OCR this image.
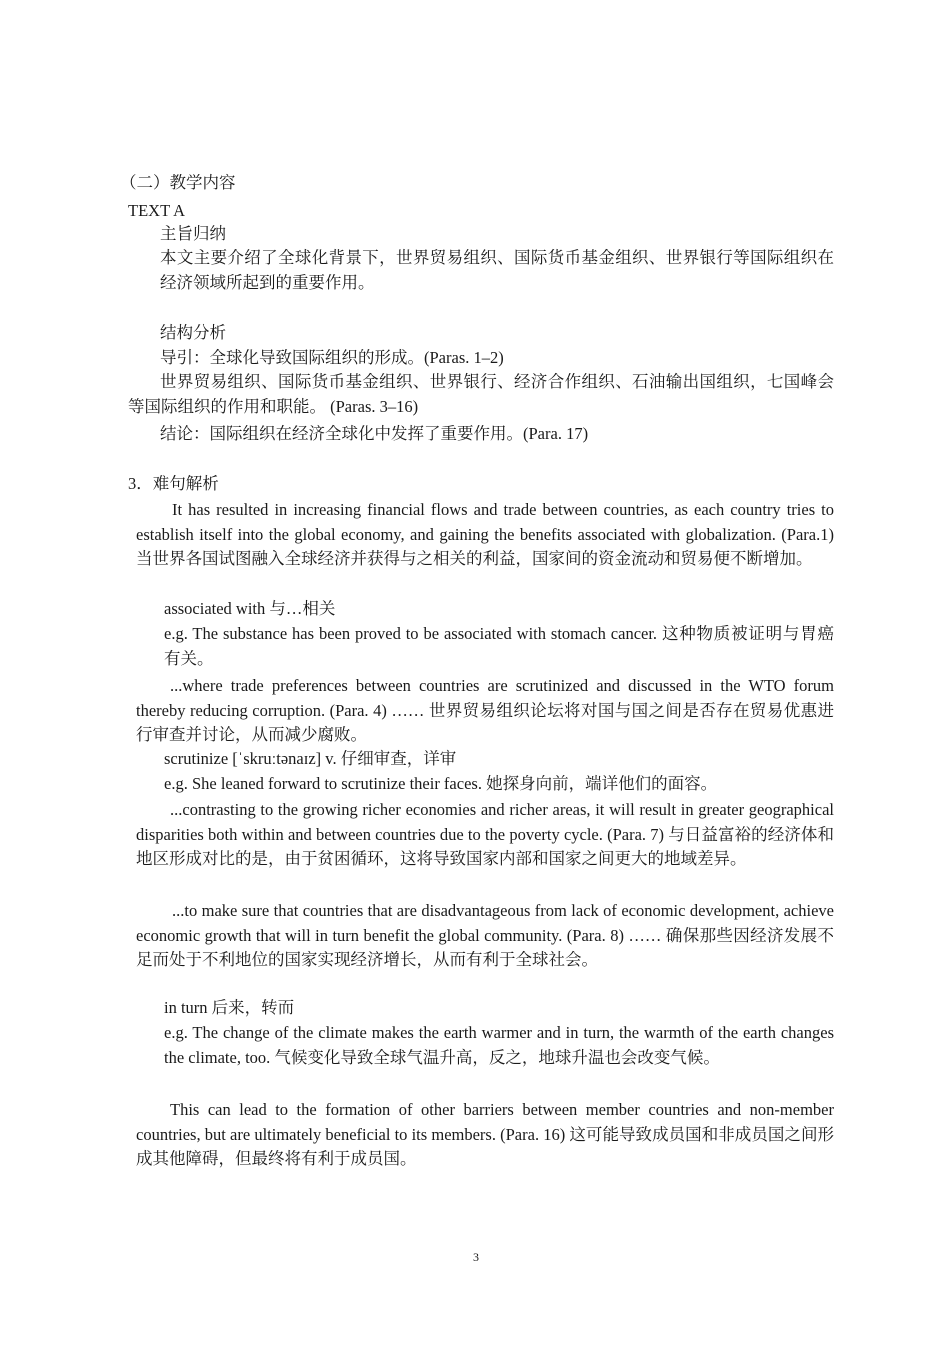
（二）教学内容
TEXT A
主旨归纳
本文主要介绍了全球化背景下，世界贸易组织、国际货币基金组织、世界银行等国际组织在经济领域所起到的重要作用。
结构分析
导引：全球化导致国际组织的形成。(Paras. 1–2)
世界贸易组织、国际货币基金组织、世界银行、经济合作组织、石油输出国组织，七国峰会等国际组织的作用和职能。 (Paras. 3–16)
结论：国际组织在经济全球化中发挥了重要作用。(Para. 17)
3．难句解析
It has resulted in increasing financial flows and trade between countries, as each country tries to establish itself into the global economy, and gaining the benefits associated with globalization. (Para.1) 当世界各国试图融入全球经济并获得与之相关的利益，国家间的资金流动和贸易便不断增加。
associated with 与…相关
e.g. The substance has been proved to be associated with stomach cancer. 这种物质被证明与胃癌有关。
...where trade preferences between countries are scrutinized and discussed in the WTO forum thereby reducing corruption. (Para. 4) …… 世界贸易组织论坛将对国与国之间是否存在贸易优惠进行审查并讨论，从而减少腐败。
scrutinize [ˈskruːtənaɪz] v. 仔细审查，详审
e.g. She leaned forward to scrutinize their faces. 她探身向前，端详他们的面容。
...contrasting to the growing richer economies and richer areas, it will result in greater geographical disparities both within and between countries due to the poverty cycle. (Para. 7) 与日益富裕的经济体和地区形成对比的是，由于贫困循环，这将导致国家内部和国家之间更大的地域差异。
...to make sure that countries that are disadvantageous from lack of economic development, achieve economic growth that will in turn benefit the global community. (Para. 8) …… 确保那些因经济发展不足而处于不利地位的国家实现经济增长，从而有利于全球社会。
in turn 后来，转而
e.g. The change of the climate makes the earth warmer and in turn, the warmth of the earth changes the climate, too. 气候变化导致全球气温升高，反之，地球升温也会改变气候。
This can lead to the formation of other barriers between member countries and non-member countries, but are ultimately beneficial to its members. (Para. 16) 这可能导致成员国和非成员国之间形成其他障碍，但最终将有利于成员国。
3
